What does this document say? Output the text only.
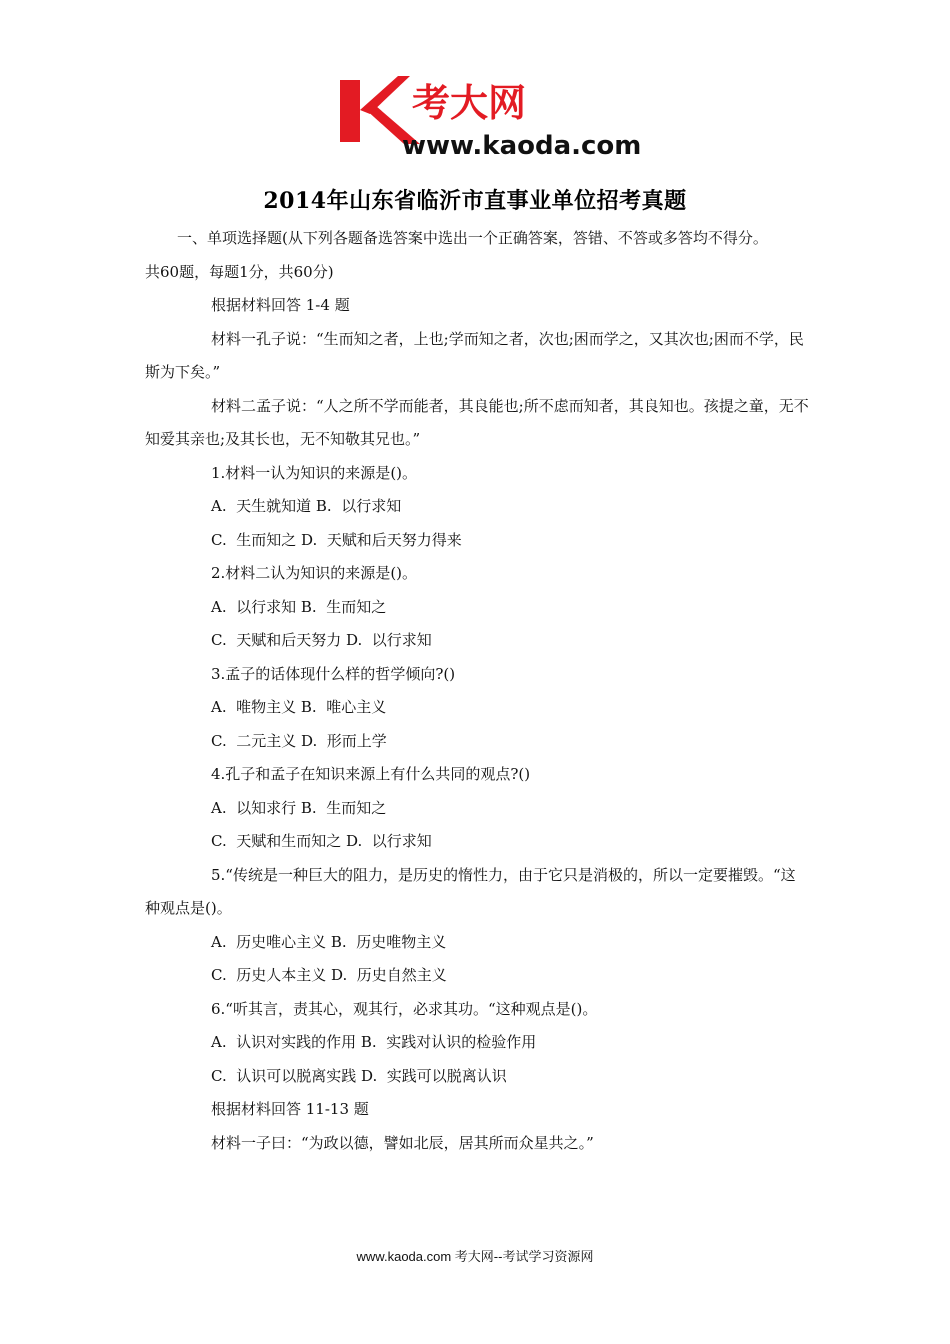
考大网
www.kaoda.com
2014年山东省临沂市直事业单位招考真题

一、单项选择题(从下列各题备选答案中选出一个正确答案，答错、不答或多答均不得分。

共60题，每题1分，共60分)

根据材料回答 1-4 题

材料一孔子说：“生而知之者，上也;学而知之者，次也;困而学之，又其次也;困而不学，民斯为下矣。”

材料二孟子说：“人之所不学而能者，其良能也;所不虑而知者，其良知也。孩提之童，无不知爱其亲也;及其长也，无不知敬其兄也。”

1.材料一认为知识的来源是()。

A.  天生就知道 B.  以行求知

C.  生而知之 D.  天赋和后天努力得来

2.材料二认为知识的来源是()。

A.  以行求知 B.  生而知之

C.  天赋和后天努力 D.  以行求知

3.孟子的话体现什么样的哲学倾向?()

A.  唯物主义 B.  唯心主义

C.  二元主义 D.  形而上学

4.孔子和孟子在知识来源上有什么共同的观点?()

A.  以知求行 B.  生而知之

C.  天赋和生而知之 D.  以行求知

5.“传统是一种巨大的阻力，是历史的惰性力，由于它只是消极的，所以一定要摧毁。“这种观点是()。

A.  历史唯心主义 B.  历史唯物主义

C.  历史人本主义 D.  历史自然主义

6.“听其言，责其心，观其行，必求其功。“这种观点是()。

A.  认识对实践的作用 B.  实践对认识的检验作用

C.  认识可以脱离实践 D.  实践可以脱离认识

根据材料回答 11-13 题

材料一子曰：“为政以德，譬如北辰，居其所而众星共之。”

www.kaoda.com 考大网--考试学习资源网
